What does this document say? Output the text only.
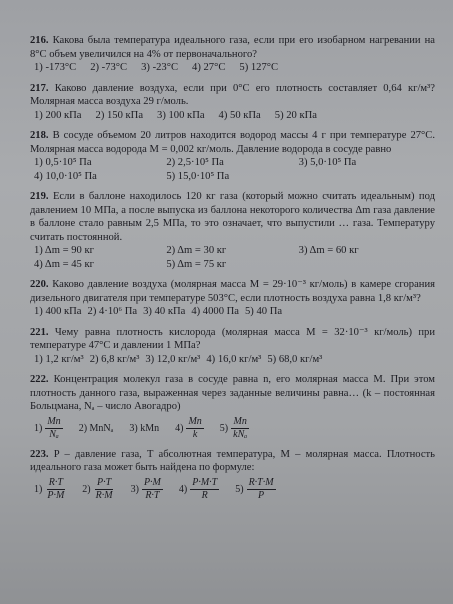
216. Какова была температура идеального газа, если при его изобарном нагревании на 8°C объем увеличился на 4% от первоначального?
1) -173°C 2) -73°C 3) -23°C 4) 27°C 5) 127°C
217. Каково давление воздуха, если при 0°C его плотность составляет 0,64 кг/м³? Молярная масса воздуха 29 г/моль.
1) 200 кПа 2) 150 кПа 3) 100 кПа 4) 50 кПа 5) 20 кПа
218. В сосуде объемом 20 литров находится водород массы 4 г при температуре 27°C. Молярная масса водорода M = 0,002 кг/моль. Давление водорода в сосуде равно
1) 0,5·10⁵ Па	2) 2,5·10⁵ Па	3) 5,0·10⁵ Па
4) 10,0·10⁵ Па	5) 15,0·10⁵ Па
219. Если в баллоне находилось 120 кг газа (который можно считать идеальным) под давлением 10 МПа, а после выпуска из баллона некоторого количества Δm газа давление в баллоне стало равным 2,5 МПа, то это означает, что выпустили … газа. Температуру считать постоянной.
1) Δm = 90 кг	2) Δm = 30 кг	3) Δm = 60 кг
4) Δm = 45 кг	5) Δm = 75 кг
220. Каково давление воздуха (молярная масса M = 29·10⁻³ кг/моль) в камере сгорания дизельного двигателя при температуре 503°C, если плотность воздуха равна 1,8 кг/м³?
1) 400 кПа 2) 4·10⁶ Па 3) 40 кПа 4) 4000 Па 5) 40 Па
221. Чему равна плотность кислорода (молярная масса M = 32·10⁻³ кг/моль) при температуре 47°C и давлении 1 МПа?
1) 1,2 кг/м³ 2) 6,8 кг/м³ 3) 12,0 кг/м³ 4) 16,0 кг/м³ 5) 68,0 кг/м³
222. Концентрация молекул газа в сосуде равна n, его молярная масса M. При этом плотность данного газа, выраженная через заданные величины равна… (k – постоянная Больцмана, Nₐ – число Авогадро)
$1) \frac{Mn}{\text{Nₐ}} 2$) MnNₐ 3) kMn $4) \frac{Mn}{k} 5) \frac{Mn}{\text{kNₐ}}$
223. P – давление газа, T абсолютная температура, M – молярная масса. Плотность идеального газа может быть найдена по формуле:
$1) \frac{R\cdot T}{P\cdot M} 2) \frac{P\cdot T}{R\cdot M} 3) \frac{P\cdot M}{R\cdot T} 4) \frac{P\cdot M\cdot T}{R} 5) \frac{R\cdot T\cdot M}{P}$
